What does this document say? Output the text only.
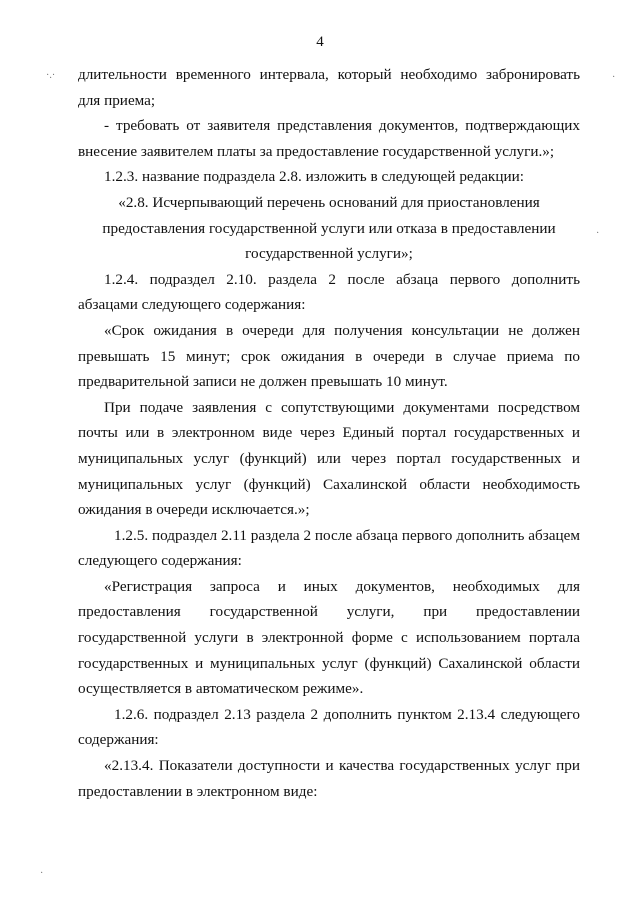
4

длительности временного интервала, который необходимо забронировать для приема;

- требовать от заявителя представления документов, подтверждающих внесение заявителем платы за предоставление государственной услуги.»;

1.2.3. название подраздела 2.8. изложить в следующей редакции:

«2.8. Исчерпывающий перечень оснований для приостановления предоставления государственной услуги или отказа в предоставлении государственной услуги»;

1.2.4. подраздел 2.10. раздела 2 после абзаца первого дополнить абзацами следующего содержания:

«Срок ожидания в очереди для получения консультации не должен превышать 15 минут; срок ожидания в очереди в случае приема по предварительной записи не должен превышать 10 минут.

При подаче заявления с сопутствующими документами посредством почты или в электронном виде через Единый портал государственных и муниципальных услуг (функций) или через портал государственных и муниципальных услуг (функций) Сахалинской области необходимость ожидания в очереди исключается.»;

1.2.5. подраздел 2.11 раздела 2 после абзаца первого дополнить абзацем следующего содержания:

«Регистрация запроса и иных документов, необходимых для предоставления государственной услуги, при предоставлении государственной услуги в электронной форме с использованием портала государственных и муниципальных услуг (функций) Сахалинской области осуществляется в автоматическом режиме».

1.2.6. подраздел 2.13 раздела 2 дополнить пунктом 2.13.4 следующего содержания:

«2.13.4. Показатели доступности и качества государственных услуг при предоставлении в электронном виде:

·.·	·
·
·
